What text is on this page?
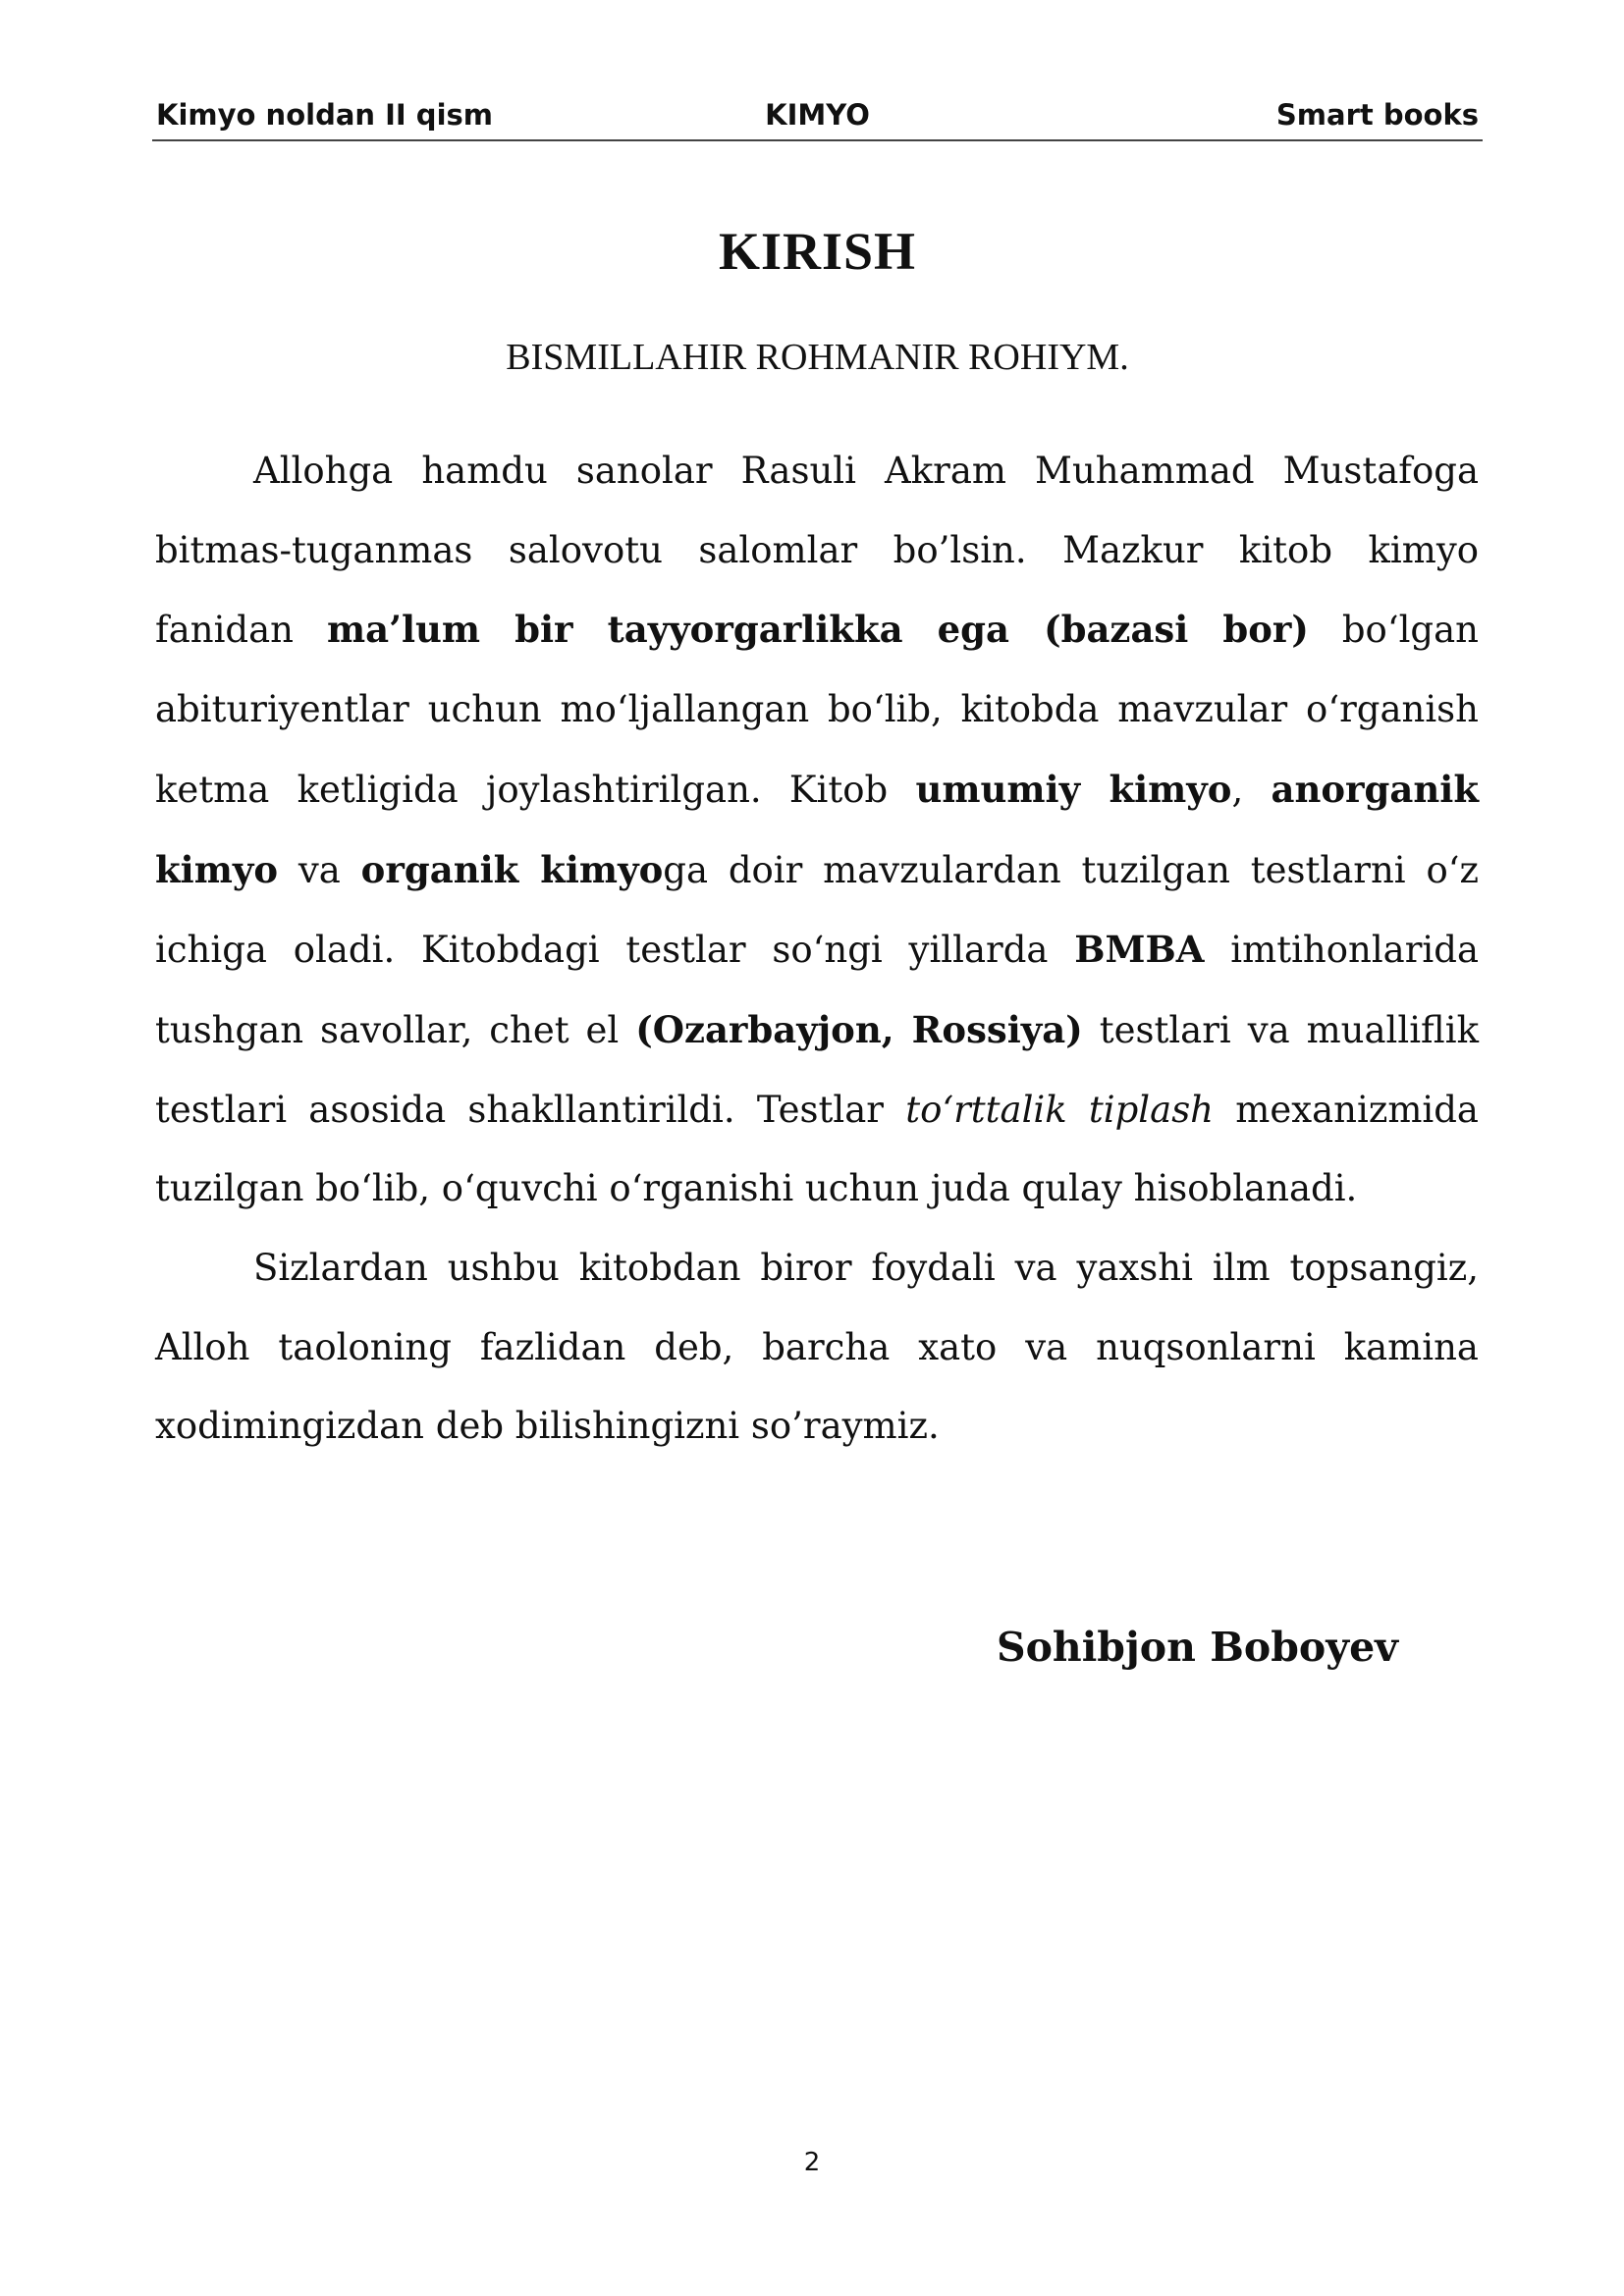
Kimyo noldan II qism	KIMYO	Smart books
KIRISH
BISMILLAHIR ROHMANIR ROHIYM.

Allohga hamdu sanolar Rasuli Akram Muhammad Mustafoga bitmas-tuganmas salovotu salomlar bo’lsin. Mazkur kitob kimyo fanidan ma’lum bir tayyorgarlikka ega (bazasi bor) bo‘lgan abituriyentlar uchun mo‘ljallangan bo‘lib, kitobda mavzular o‘rganish ketma ketligida joylashtirilgan. Kitob umumiy kimyo, anorganik kimyo va organik kimyoga doir mavzulardan tuzilgan testlarni o‘z ichiga oladi. Kitobdagi testlar so‘ngi yillarda BMBA imtihonlarida tushgan savollar, chet el (Ozarbayjon, Rossiya) testlari va mualliflik testlari asosida shakllantirildi. Testlar to‘rttalik tiplash mexanizmida tuzilgan bo‘lib, o‘quvchi o‘rganishi uchun juda qulay hisoblanadi.

Sizlardan ushbu kitobdan biror foydali va yaxshi ilm topsangiz, Alloh taoloning fazlidan deb, barcha xato va nuqsonlarni kamina xodimingizdan deb bilishingizni so’raymiz.

Sohibjon Boboyev
2
